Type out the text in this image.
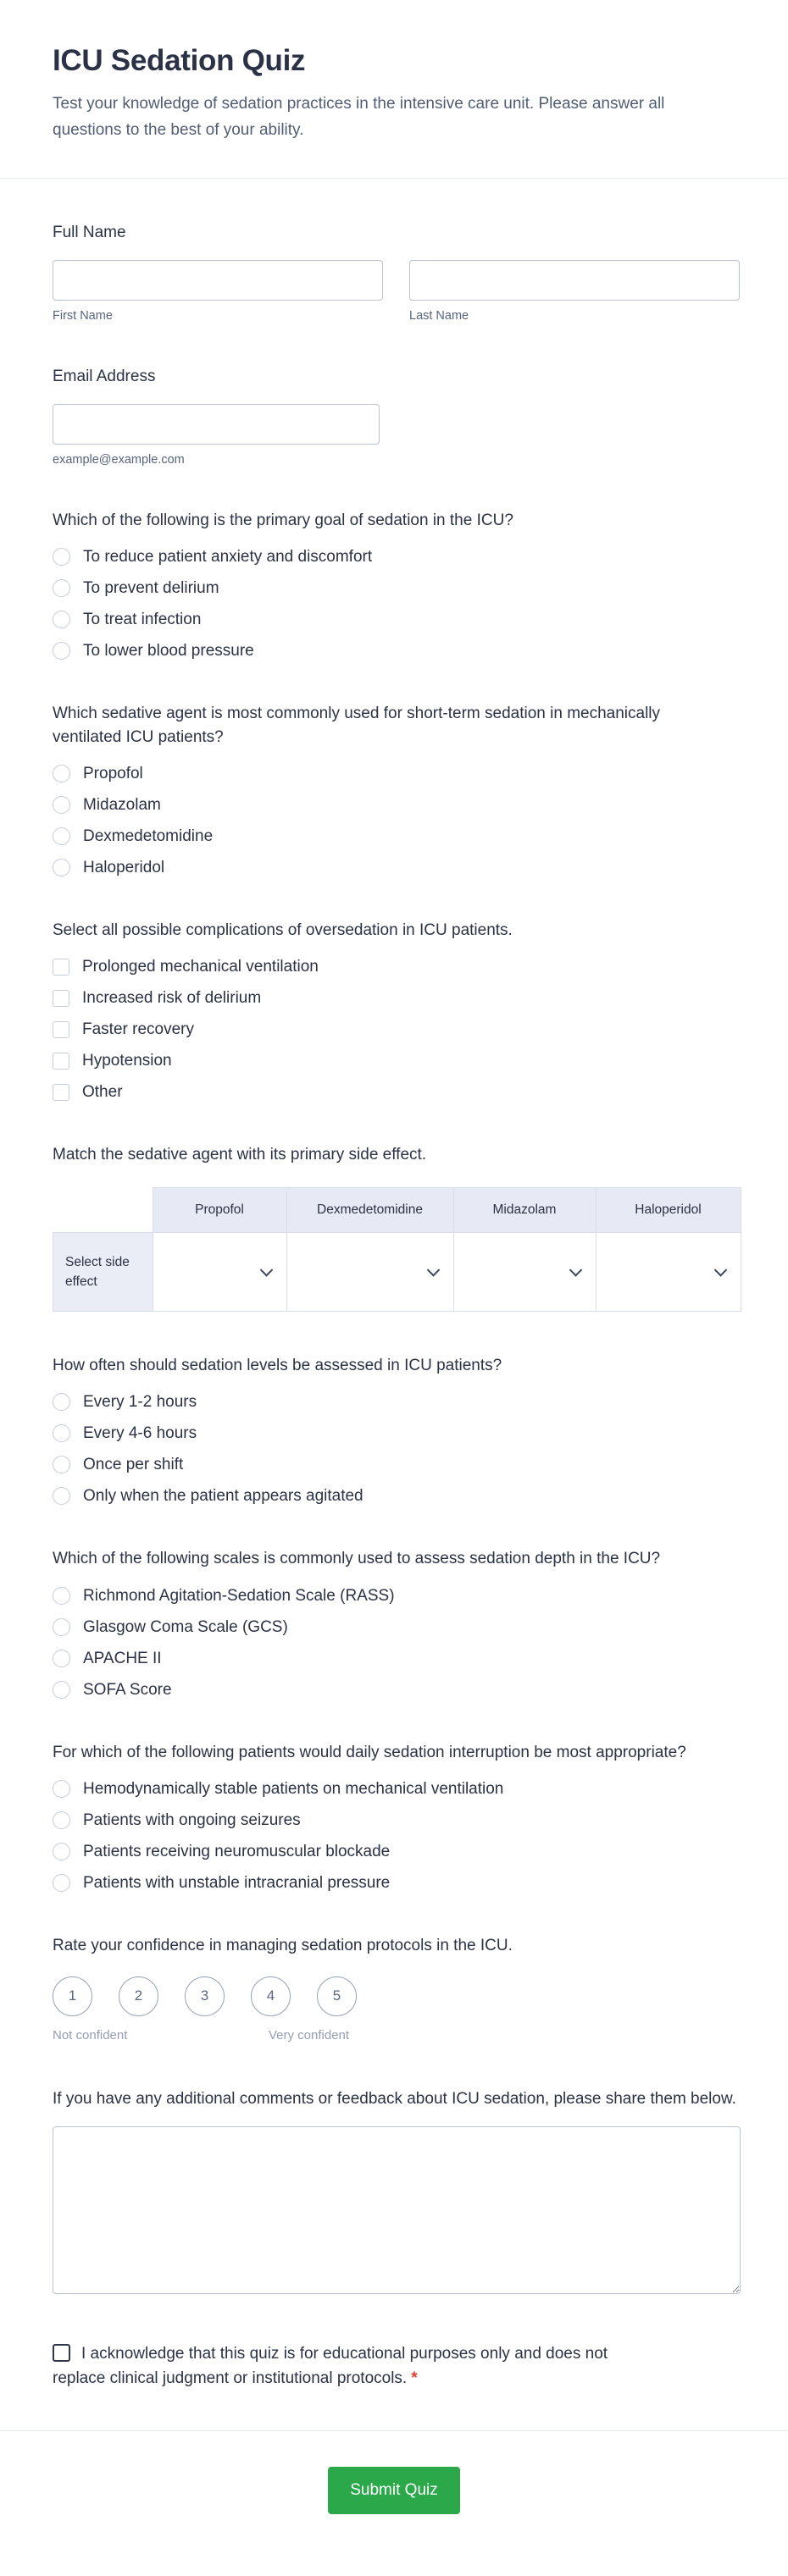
ICU Sedation Quiz

Test your knowledge of sedation practices in the intensive care unit. Please answer all questions to the best of your ability.

Full Name
First Name	Last Name
Email Address
example@example.com
Which of the following is the primary goal of sedation in the ICU?
To reduce patient anxiety and discomfort
To prevent delirium
To treat infection
To lower blood pressure
Which sedative agent is most commonly used for short-term sedation in mechanically ventilated ICU patients?
Propofol
Midazolam
Dexmedetomidine
Haloperidol
Select all possible complications of oversedation in ICU patients.
Prolonged mechanical ventilation
Increased risk of delirium
Faster recovery
Hypotension
Other
Match the sedative agent with its primary side effect.
	Propofol	Dexmedetomidine	Midazolam	Haloperidol
Select side effect	

How often should sedation levels be assessed in ICU patients?
Every 1-2 hours
Every 4-6 hours
Once per shift
Only when the patient appears agitated
Which of the following scales is commonly used to assess sedation depth in the ICU?
Richmond Agitation-Sedation Scale (RASS)
Glasgow Coma Scale (GCS)
APACHE II
SOFA Score
For which of the following patients would daily sedation interruption be most appropriate?
Hemodynamically stable patients on mechanical ventilation
Patients with ongoing seizures
Patients receiving neuromuscular blockade
Patients with unstable intracranial pressure
Rate your confidence in managing sedation protocols in the ICU.
1	2	3	4	5
Not confident	Very confident
If you have any additional comments or feedback about ICU sedation, please share them below.
I acknowledge that this quiz is for educational purposes only and does not replace clinical judgment or institutional protocols. *
Submit Quiz
